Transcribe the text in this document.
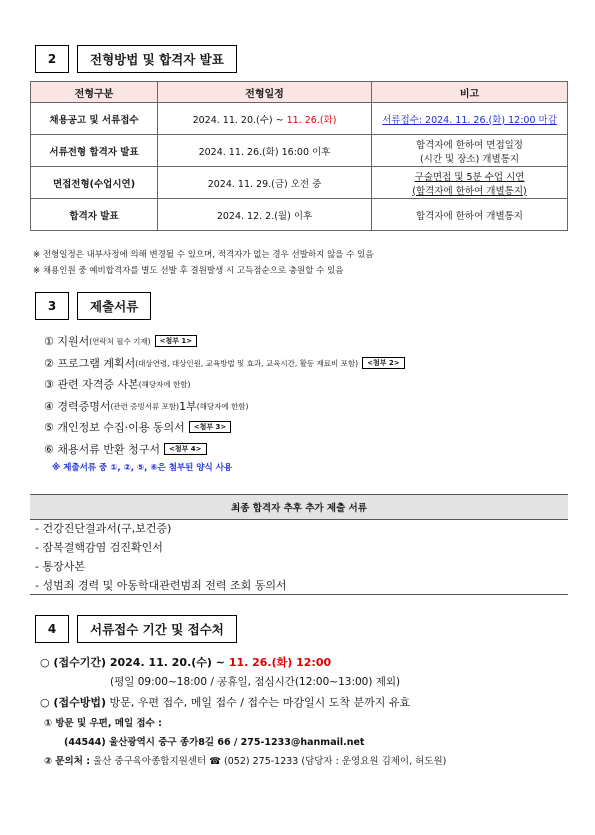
2	전형방법 및 합격자 발표
전형구분	전형일정	비고
채용공고 및 서류접수	2024. 11. 20.(수) ~ 11. 26.(화)	서류접수: 2024. 11. 26.(화) 12:00 마감
서류전형 합격자 발표	2024. 11. 26.(화) 16:00 이후	합격자에 한하여 면접일정
(시간 및 장소) 개별통지

면접전형(수업시연)	2024. 11. 29.(금) 오전 중	구술면접 및 5분 수업 시연
(합격자에 한하여 개별통지)

합격자 발표	2024. 12. 2.(월) 이후	합격자에 한하여 개별통지
※ 전형일정은 내부사정에 의해 변경될 수 있으며, 적격자가 없는 경우 선발하지 않을 수 있음
※ 채용인원 중 예비합격자를 별도 선발 후 결원발생 시 고득점순으로 충원할 수 있음
3	제출서류
① 지원서 (연락처 필수 기재)	<첨부 1>
② 프로그램 계획서 (대상연령, 대상인원, 교육방법 및 효과, 교육시간, 활동 재료비 포함)	<첨부 2>
③ 관련 자격증 사본 (해당자에 한함)
④ 경력증명서 (관련 증빙서류 포함) 1부 (해당자에 한함)
⑤ 개인정보 수집·이용 동의서	<첨부 3>
⑥ 채용서류 반환 청구서	<첨부 4>
※ 제출서류 중 ①, ②, ⑤, ⑥은 첨부된 양식 사용
최종 합격자 추후 추가 제출 서류
- 건강진단결과서(구,보건증)
- 잠복결핵감염 검진확인서
- 통장사본
- 성범죄 경력 및 아동학대관련범죄 전력 조회 동의서
4	서류접수 기간 및 접수처
○ (접수기간) 2024. 11. 20.(수) ~ 11. 26.(화) 12:00
(평일 09:00~18:00 / 공휴일, 점심시간(12:00~13:00) 제외)
○ (접수방법) 방문, 우편 접수, 메일 접수 / 접수는 마감일시 도착 분까지 유효
① 방문 및 우편, 메일 접수 :
(44544) 울산광역시 중구 종가8길 66 / 275-1233@hanmail.net
② 문의처 : 울산 중구육아종합지원센터 ☎ (052) 275-1233 (담당자 : 운영요원 김제이, 허도원)
